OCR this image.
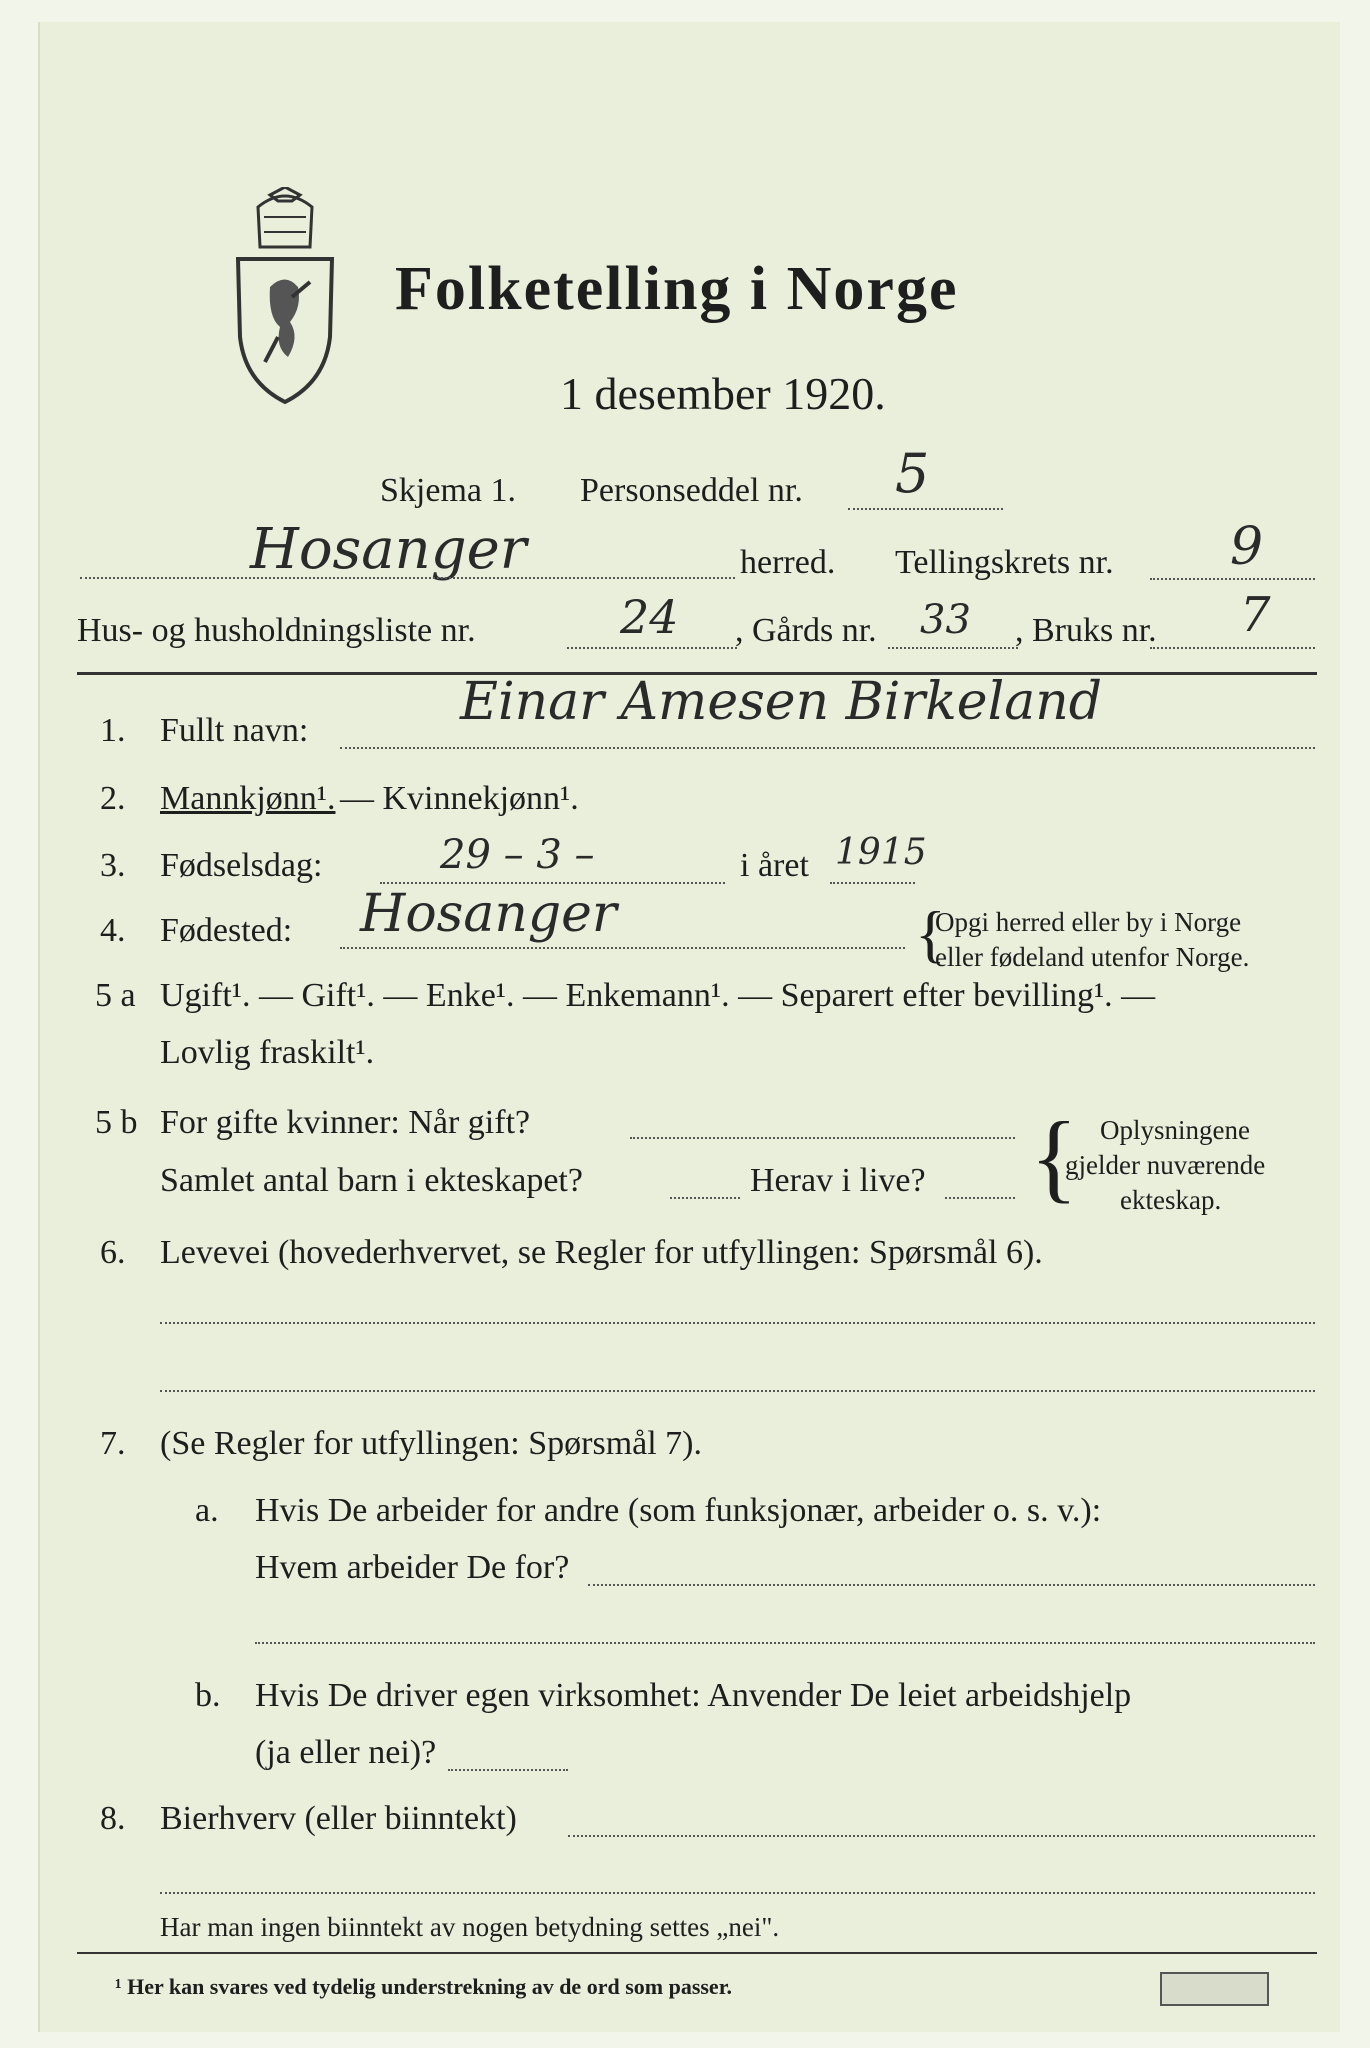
Folketelling i Norge
1 desember 1920.
Skjema 1. Personseddel nr. 5
Hosanger	herred. Tellingskrets nr. 9
Hus- og husholdningsliste nr.	24 , Gårds nr. 33 , Bruks nr. 7
1. Fullt navn:	Einar Amesen Birkeland
2. Mannkjønn¹. — Kvinnekjønn¹.
3. Fødselsdag:	29 – 3 –	i året 1915
4. Fødested: Hosanger	{
Opgi herred eller by i Norge
eller fødeland utenfor Norge.
5 a Ugift¹. — Gift¹. — Enke¹. — Enkemann¹. — Separert efter bevilling¹. —
Lovlig fraskilt¹.
5 b For gifte kvinner: Når gift?
Samlet antal barn i ekteskapet?	Herav i live? { Oplysningene
gjelder nuværende
ekteskap.
6. Levevei (hovederhvervet, se Regler for utfyllingen: Spørsmål 6).
7. (Se Regler for utfyllingen: Spørsmål 7).
a. Hvis De arbeider for andre (som funksjonær, arbeider o. s. v.):
Hvem arbeider De for?
b. Hvis De driver egen virksomhet: Anvender De leiet arbeidshjelp
(ja eller nei)?
8. Bierhverv (eller biinntekt)
Har man ingen biinntekt av nogen betydning settes „nei".
¹ Her kan svares ved tydelig understrekning av de ord som passer.
